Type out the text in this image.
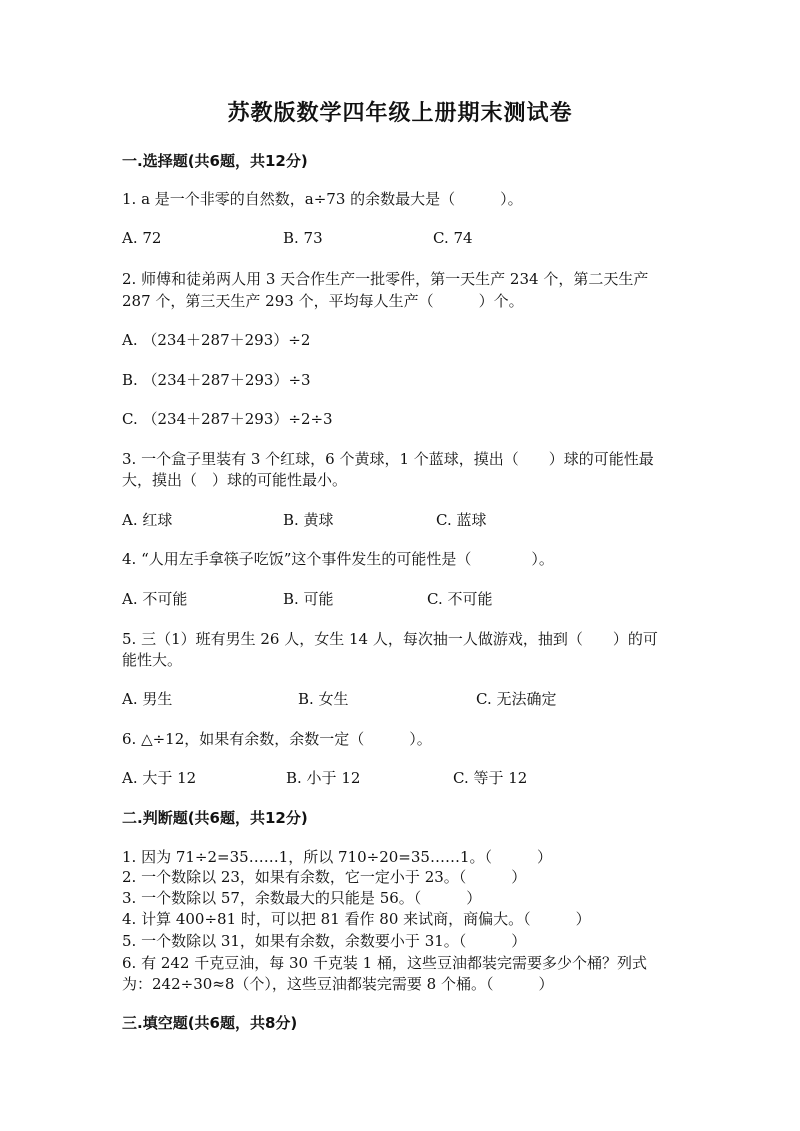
苏教版数学四年级上册期末测试卷
一.选择题(共6题，共12分)
1. a 是一个非零的自然数，a÷73 的余数最大是（　　　）。
A. 72	B. 73	C. 74
2. 师傅和徒弟两人用 3 天合作生产一批零件，第一天生产 234 个，第二天生产
287 个，第三天生产 293 个，平均每人生产（　　　）个。
A. （234＋287＋293）÷2
B. （234＋287＋293）÷3
C. （234＋287＋293）÷2÷3
3. 一个盒子里装有 3 个红球，6 个黄球，1 个蓝球，摸出（　　）球的可能性最
大，摸出（　）球的可能性最小。
A. 红球	B. 黄球	C. 蓝球
4. “人用左手拿筷子吃饭”这个事件发生的可能性是（　　　　）。
A. 不可能	B. 可能	C. 不可能
5. 三（1）班有男生 26 人，女生 14 人，每次抽一人做游戏，抽到（　　）的可
能性大。
A. 男生	B. 女生	C. 无法确定
6. △÷12，如果有余数，余数一定（　　　）。
A. 大于 12	B. 小于 12	C. 等于 12
二.判断题(共6题，共12分)
1. 因为 71÷2=35……1，所以 710÷20=35……1。（　　　）
2. 一个数除以 23，如果有余数，它一定小于 23。（　　　）
3. 一个数除以 57，余数最大的只能是 56。（　　　）
4. 计算 400÷81 时，可以把 81 看作 80 来试商，商偏大。（　　　）
5. 一个数除以 31，如果有余数，余数要小于 31。（　　　）
6. 有 242 千克豆油，每 30 千克装 1 桶，这些豆油都装完需要多少个桶？列式
为：242÷30≈8（个），这些豆油都装完需要 8 个桶。（　　　）
三.填空题(共6题，共8分)
